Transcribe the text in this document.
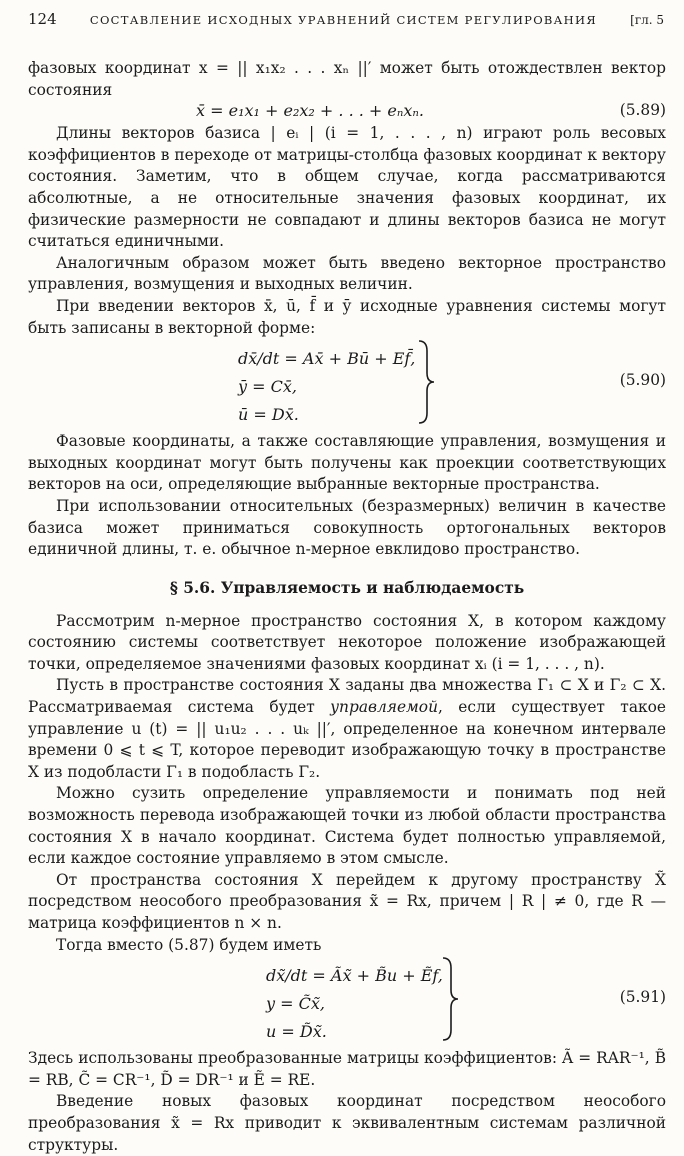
124	СОСТАВЛЕНИЕ ИСХОДНЫХ УРАВНЕНИЙ СИСТЕМ РЕГУЛИРОВАНИЯ	[гл. 5

фазовых координат x = || x₁x₂ . . . xₙ ||′ может быть отождествлен вектор состояния

x̄ = e₁x₁ + e₂x₂ + . . . + eₙxₙ.	(5.89)

Длины векторов базиса | eᵢ | (i = 1, . . . , n) играют роль весовых коэффициентов в переходе от матрицы-столбца фазовых координат к вектору состояния. Заметим, что в общем случае, когда рассматриваются абсолютные, а не относительные значения фазовых координат, их физические размерности не совпадают и длины векторов базиса не могут считаться единичными.

Аналогичным образом может быть введено векторное пространство управления, возмущения и выходных величин.

При введении векторов x̄, ū, f̄ и ȳ исходные уравнения системы могут быть записаны в векторной форме:

dx̄/dt = Ax̄ + Bū + Ef̄,
ȳ = Cx̄,
ū = Dx̄.
(5.90)

Фазовые координаты, а также составляющие управления, возмущения и выходных координат могут быть получены как проекции соответствующих векторов на оси, определяющие выбранные векторные пространства.

При использовании относительных (безразмерных) величин в качестве базиса может приниматься совокупность ортогональных векторов единичной длины, т. е. обычное n-мерное евклидово пространство.

§ 5.6. Управляемость и наблюдаемость

Рассмотрим n-мерное пространство состояния X, в котором каждому состоянию системы соответствует некоторое положение изображающей точки, определяемое значениями фазовых координат xᵢ (i = 1, . . . , n).

Пусть в пространстве состояния X заданы два множества Γ₁ ⊂ X и Γ₂ ⊂ X. Рассматриваемая система будет управляемой, если существует такое управление u (t) = || u₁u₂ . . . uₖ ||′, определенное на конечном интервале времени 0 ⩽ t ⩽ T, которое переводит изображающую точку в пространстве X из подобласти Γ₁ в подобласть Γ₂.

Можно сузить определение управляемости и понимать под ней возможность перевода изображающей точки из любой области пространства состояния X в начало координат. Система будет полностью управляемой, если каждое состояние управляемо в этом смысле.

От пространства состояния X перейдем к другому пространству X̃ посредством неособого преобразования x̃ = Rx, причем | R | ≠ 0, где R — матрица коэффициентов n × n.

Тогда вместо (5.87) будем иметь

dx̃/dt = Ãx̃ + B̃u + Ẽf,
y = C̃x̃,
u = D̃x̃.
(5.91)

Здесь использованы преобразованные матрицы коэффициентов: Ã = RAR⁻¹, B̃ = RB, C̃ = CR⁻¹, D̃ = DR⁻¹ и Ẽ = RE.

Введение новых фазовых координат посредством неособого преобразования x̃ = Rx приводит к эквивалентным системам различной структуры.
